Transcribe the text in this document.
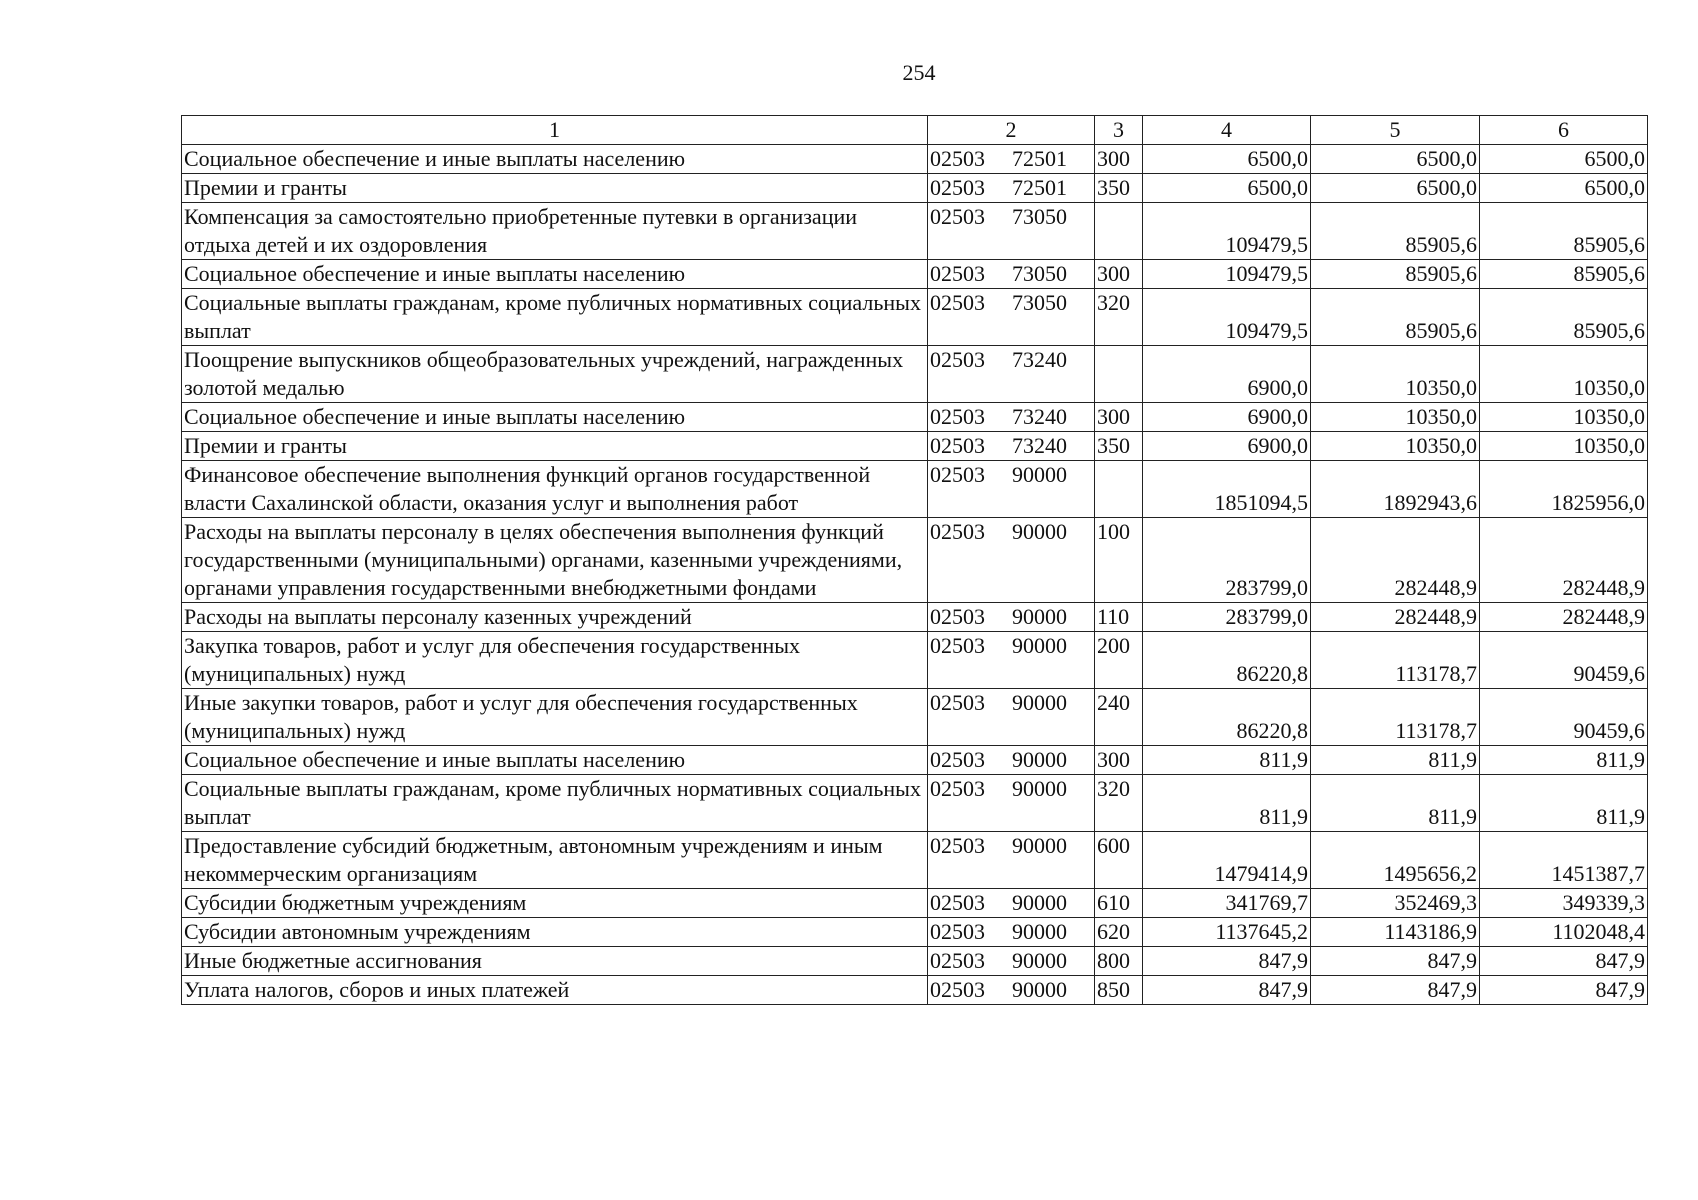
254
1	2	3	4	5	6
Социальное обеспечение и иные выплаты населению	02503 72501	300	6500,0	6500,0	6500,0
Премии и гранты	02503 72501	350	6500,0	6500,0	6500,0
Компенсация за самостоятельно приобретенные путевки в организации отдыха детей и их оздоровления	02503 73050		109479,5	85905,6	85905,6
Социальное обеспечение и иные выплаты населению	02503 73050	300	109479,5	85905,6	85905,6
Социальные выплаты гражданам, кроме публичных нормативных социальных выплат	02503 73050	320	109479,5	85905,6	85905,6
Поощрение выпускников общеобразовательных учреждений, награжденных золотой медалью	02503 73240		6900,0	10350,0	10350,0
Социальное обеспечение и иные выплаты населению	02503 73240	300	6900,0	10350,0	10350,0
Премии и гранты	02503 73240	350	6900,0	10350,0	10350,0
Финансовое обеспечение выполнения функций органов государственной власти Сахалинской области, оказания услуг и выполнения работ	02503 90000		1851094,5	1892943,6	1825956,0
Расходы на выплаты персоналу в целях обеспечения выполнения функций государственными (муниципальными) органами, казенными учреждениями, органами управления государственными внебюджетными фондами	02503 90000	100	283799,0	282448,9	282448,9
Расходы на выплаты персоналу казенных учреждений	02503 90000	110	283799,0	282448,9	282448,9
Закупка товаров, работ и услуг для обеспечения государственных (муниципальных) нужд	02503 90000	200	86220,8	113178,7	90459,6
Иные закупки товаров, работ и услуг для обеспечения государственных (муниципальных) нужд	02503 90000	240	86220,8	113178,7	90459,6
Социальное обеспечение и иные выплаты населению	02503 90000	300	811,9	811,9	811,9
Социальные выплаты гражданам, кроме публичных нормативных социальных выплат	02503 90000	320	811,9	811,9	811,9
Предоставление субсидий бюджетным, автономным учреждениям и иным некоммерческим организациям	02503 90000	600	1479414,9	1495656,2	1451387,7
Субсидии бюджетным учреждениям	02503 90000	610	341769,7	352469,3	349339,3
Субсидии автономным учреждениям	02503 90000	620	1137645,2	1143186,9	1102048,4
Иные бюджетные ассигнования	02503 90000	800	847,9	847,9	847,9
Уплата налогов, сборов и иных платежей	02503 90000	850	847,9	847,9	847,9
